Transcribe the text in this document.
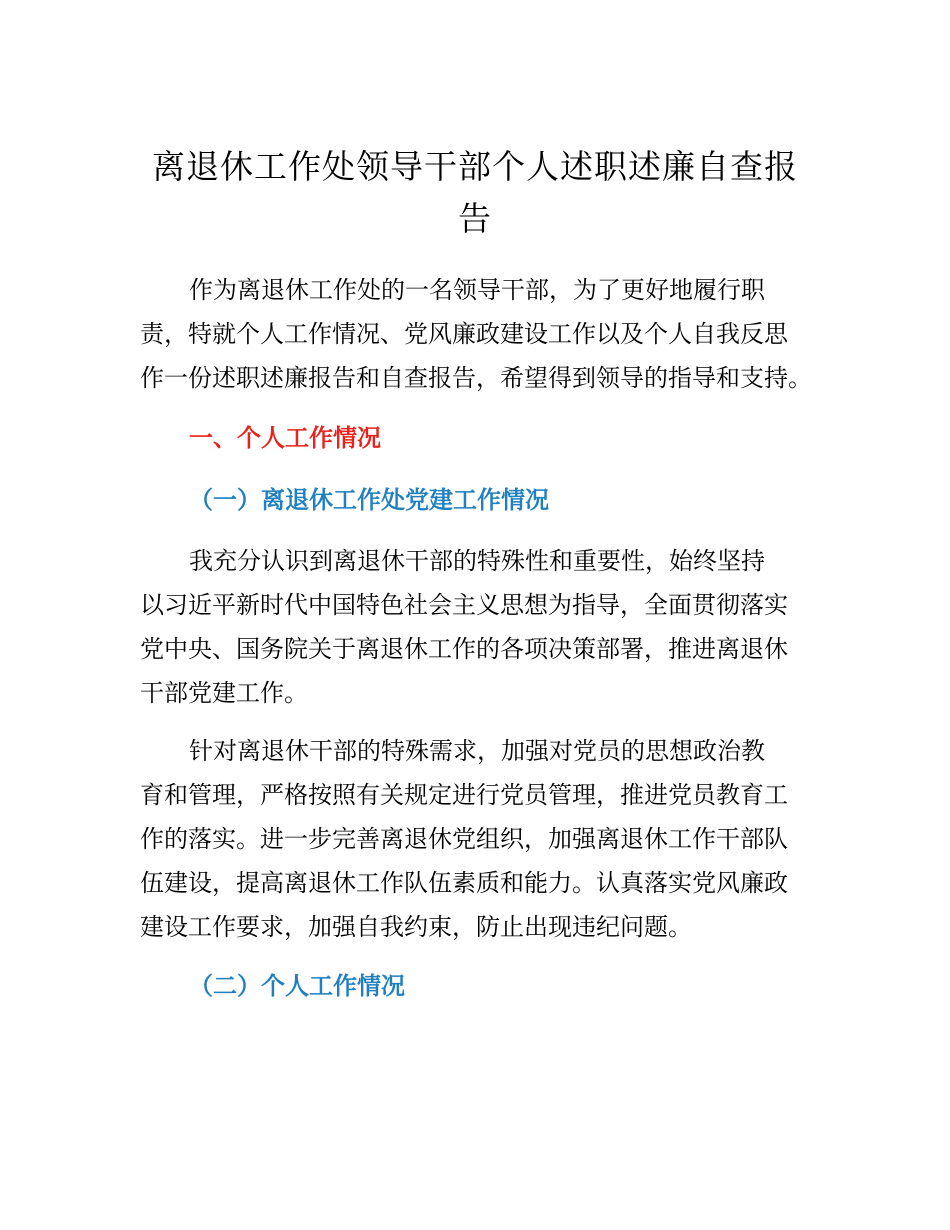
离退休工作处领导干部个人述职述廉自查报
告

作为离退休工作处的一名领导干部，为了更好地履行职
责，特就个人工作情况、党风廉政建设工作以及个人自我反思
作一份述职述廉报告和自查报告，希望得到领导的指导和支持。

一、个人工作情况
（一）离退休工作处党建工作情况

我充分认识到离退休干部的特殊性和重要性，始终坚持
以习近平新时代中国特色社会主义思想为指导，全面贯彻落实
党中央、国务院关于离退休工作的各项决策部署，推进离退休
干部党建工作。

针对离退休干部的特殊需求，加强对党员的思想政治教
育和管理，严格按照有关规定进行党员管理，推进党员教育工
作的落实。进一步完善离退休党组织，加强离退休工作干部队
伍建设，提高离退休工作队伍素质和能力。认真落实党风廉政
建设工作要求，加强自我约束，防止出现违纪问题。

（二）个人工作情况
